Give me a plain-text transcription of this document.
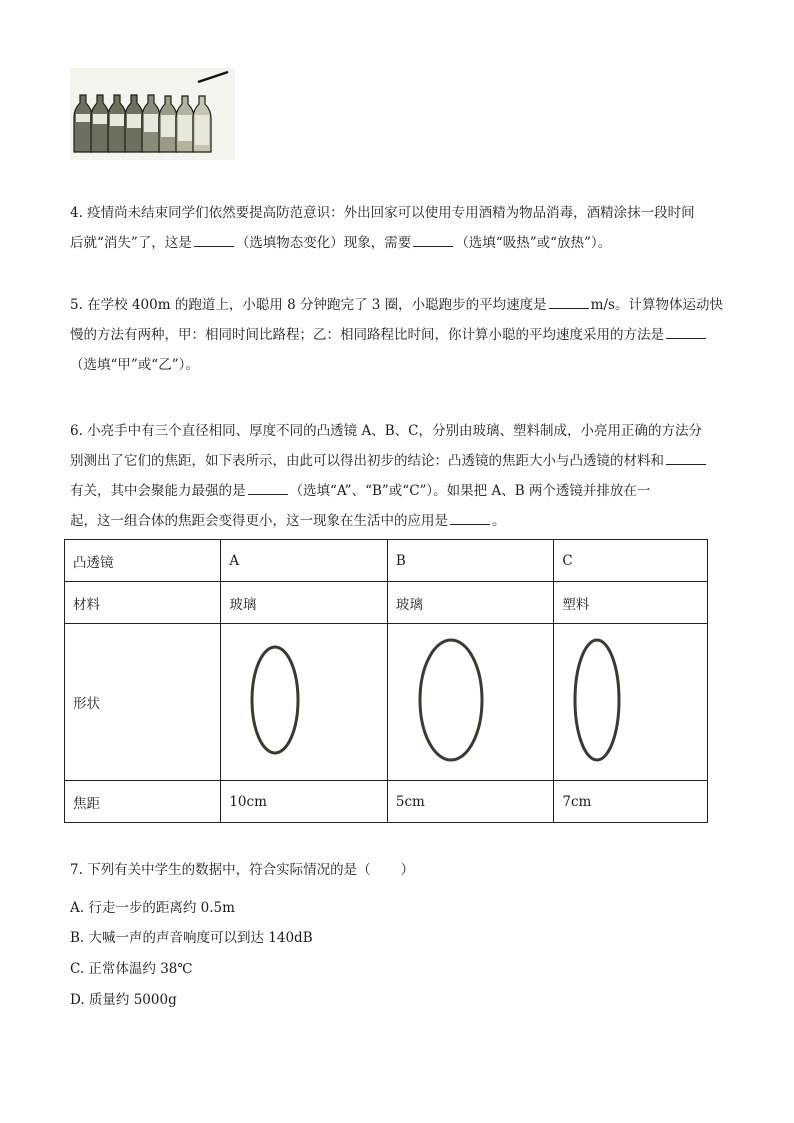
4. 疫情尚未结束同学们依然要提高防范意识：外出回家可以使用专用酒精为物品消毒，酒精涂抹一段时间
后就“消失”了，这是	（选填物态变化）现象，需要	（选填“吸热”或“放热”）。
5. 在学校 400m 的跑道上，小聪用 8 分钟跑完了 3 圈，小聪跑步的平均速度是	m/s。计算物体运动快
慢的方法有两种，甲：相同时间比路程；乙：相同路程比时间，你计算小聪的平均速度采用的方法是
（选填“甲”或“乙”）。
6. 小亮手中有三个直径相同、厚度不同的凸透镜 A、B、C，分别由玻璃、塑料制成，小亮用正确的方法分
别测出了它们的焦距，如下表所示，由此可以得出初步的结论：凸透镜的焦距大小与凸透镜的材料和
有关，其中会聚能力最强的是	（选填“A”、“B”或“C”）。如果把 A、B 两个透镜并排放在一
起，这一组合体的焦距会变得更小，这一现象在生活中的应用是	。
凸透镜	A	B	C
材料	玻璃	玻璃	塑料
形状			
焦距	10cm	5cm	7cm
7. 下列有关中学生的数据中，符合实际情况的是（ ）
A. 行走一步的距离约 0.5m
B. 大喊一声的声音响度可以到达 140dB
C. 正常体温约 38℃
D. 质量约 5000g
